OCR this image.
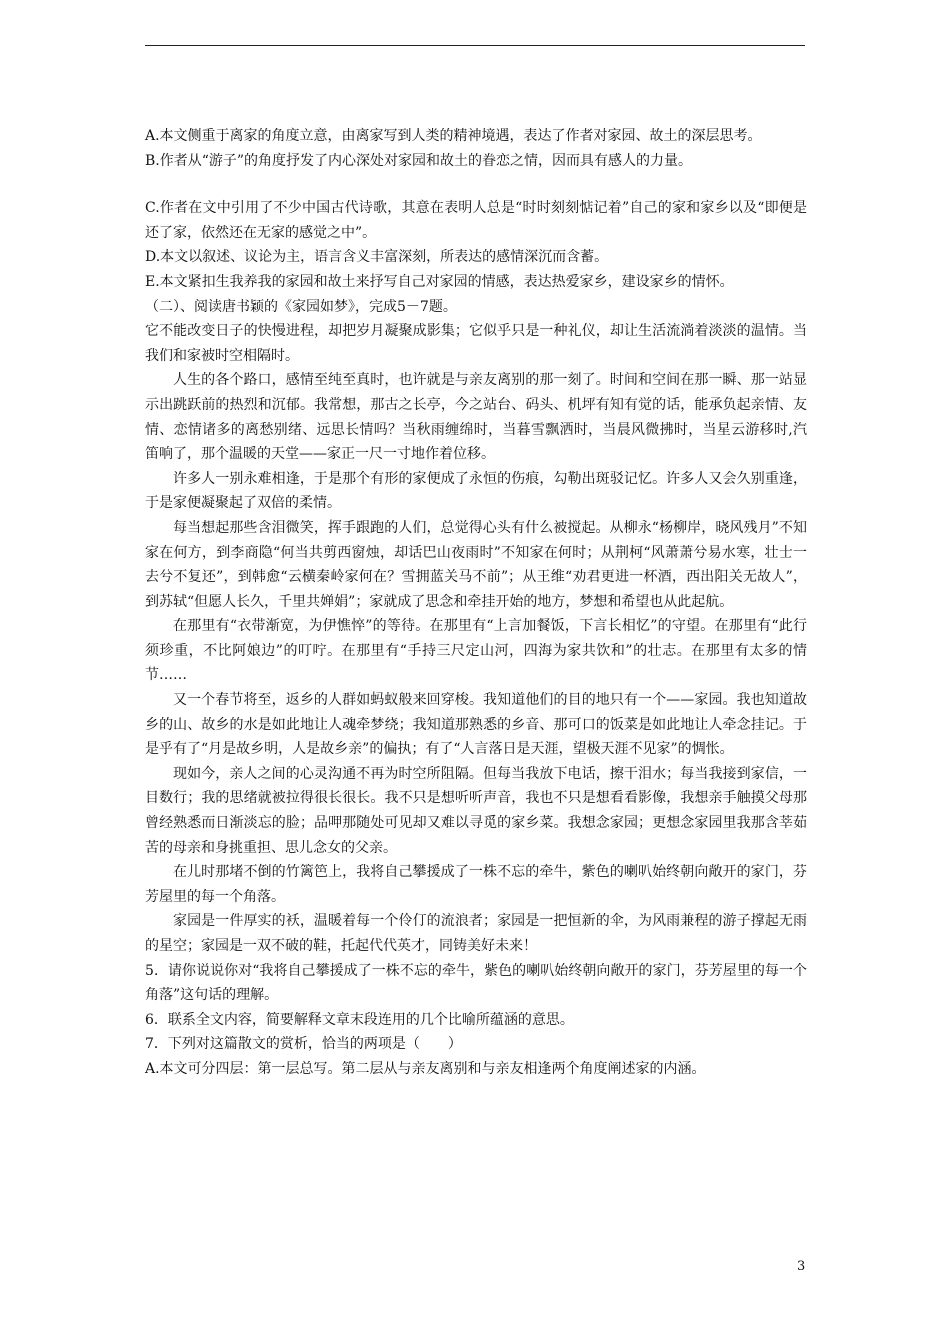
A.本文侧重于离家的角度立意，由离家写到人类的精神境遇，表达了作者对家园、故土的深层思考。

B.作者从“游子”的角度抒发了内心深处对家园和故土的眷恋之情，因而具有感人的力量。

C.作者在文中引用了不少中国古代诗歌，其意在表明人总是“时时刻刻惦记着”自己的家和家乡以及“即便是还了家，依然还在无家的感觉之中”。

D.本文以叙述、议论为主，语言含义丰富深刻，所表达的感情深沉而含蓄。

E.本文紧扣生我养我的家园和故土来抒写自己对家园的情感，表达热爱家乡，建设家乡的情怀。

（二）、阅读唐书颖的《家园如梦》，完成5－7题。

它不能改变日子的快慢进程，却把岁月凝聚成影集；它似乎只是一种礼仪，却让生活流淌着淡淡的温情。当我们和家被时空相隔时。

人生的各个路口，感情至纯至真时，也许就是与亲友离别的那一刻了。时间和空间在那一瞬、那一站显示出跳跃前的热烈和沉郁。我常想，那古之长亭，今之站台、码头、机坪有知有觉的话，能承负起亲情、友情、恋情诸多的离愁别绪、远思长情吗？当秋雨缠绵时，当暮雪飘洒时，当晨风微拂时，当星云游移时,汽笛响了，那个温暖的天堂——家正一尺一寸地作着位移。

许多人一别永难相逢，于是那个有形的家便成了永恒的伤痕，勾勒出斑驳记忆。许多人又会久别重逢，于是家便凝聚起了双倍的柔情。

每当想起那些含泪微笑，挥手跟跑的人们，总觉得心头有什么被搅起。从柳永“杨柳岸，晓风残月”不知家在何方，到李商隐“何当共剪西窗烛，却话巴山夜雨时”不知家在何时；从荆柯“风萧萧兮易水寒，壮士一去兮不复还”，到韩愈“云横秦岭家何在？雪拥蓝关马不前”；从王维“劝君更进一杯酒，西出阳关无故人”，到苏轼“但愿人长久，千里共婵娟”；家就成了思念和牵挂开始的地方，梦想和希望也从此起航。

在那里有“衣带渐宽，为伊憔悴”的等待。在那里有“上言加餐饭，下言长相忆”的守望。在那里有“此行须珍重，不比阿娘边”的叮咛。在那里有“手持三尺定山河，四海为家共饮和”的壮志。在那里有太多的情节……

又一个春节将至，返乡的人群如蚂蚁般来回穿梭。我知道他们的目的地只有一个——家园。我也知道故乡的山、故乡的水是如此地让人魂牵梦绕；我知道那熟悉的乡音、那可口的饭菜是如此地让人牵念挂记。于是乎有了“月是故乡明，人是故乡亲”的偏执；有了“人言落日是天涯，望极天涯不见家”的惆怅。

现如今，亲人之间的心灵沟通不再为时空所阻隔。但每当我放下电话，擦干泪水；每当我接到家信，一目数行；我的思绪就被拉得很长很长。我不只是想听听声音，我也不只是想看看影像，我想亲手触摸父母那曾经熟悉而日渐淡忘的脸；品呷那随处可见却又难以寻觅的家乡菜。我想念家园；更想念家园里我那含莘茹苦的母亲和身挑重担、思儿念女的父亲。

在儿时那堵不倒的竹篱笆上，我将自己攀援成了一株不忘的牵牛，紫色的喇叭始终朝向敞开的家门，芬芳屋里的每一个角落。

家园是一件厚实的袄，温暖着每一个伶仃的流浪者；家园是一把恒新的伞，为风雨兼程的游子撑起无雨的星空；家园是一双不破的鞋，托起代代英才，同铸美好未来！

5．请你说说你对“我将自己攀援成了一株不忘的牵牛，紫色的喇叭始终朝向敞开的家门，芬芳屋里的每一个角落”这句话的理解。

6．联系全文内容，简要解释文章末段连用的几个比喻所蕴涵的意思。

7．下列对这篇散文的赏析，恰当的两项是（　　）

A.本文可分四层：第一层总写。第二层从与亲友离别和与亲友相逢两个角度阐述家的内涵。

3
